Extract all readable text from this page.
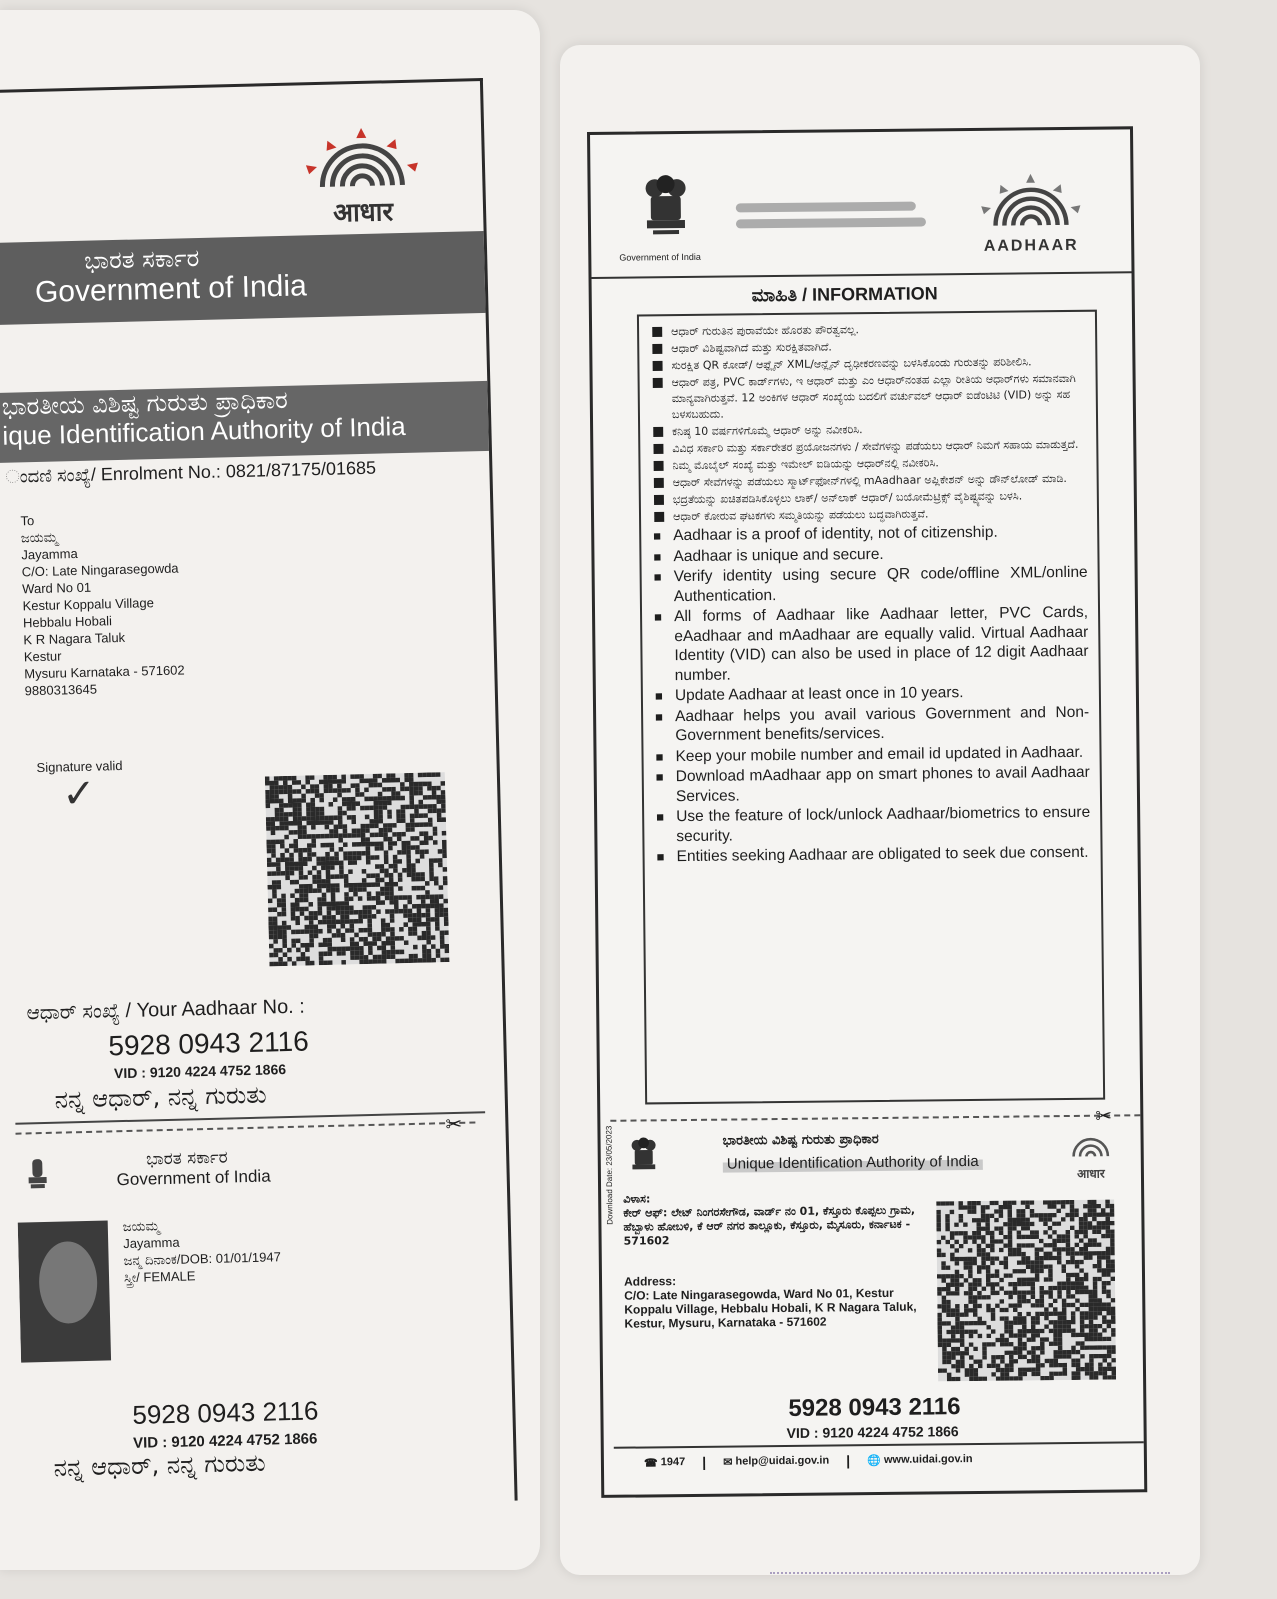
आधार
ಭಾರತ ಸರ್ಕಾರ
Government of India
ಭಾರತೀಯ ವಿಶಿಷ್ಟ ಗುರುತು ಪ್ರಾಧಿಕಾರ
ique Identification Authority of India
ಂದಣಿ ಸಂಖ್ಯೆ/ Enrolment No.: 0821/87175/01685
To
ಜಯಮ್ಮ
Jayamma
C/O: Late Ningarasegowda
Ward No 01
Kestur Koppalu Village
Hebbalu Hobali
K R Nagara Taluk
Kestur
Mysuru Karnataka - 571602
9880313645
Signature valid
✓
ಆಧಾರ್ ಸಂಖ್ಯೆ / Your Aadhaar No. :
5928 0943 2116
VID : 9120 4224 4752 1866
ನನ್ನ ಆಧಾರ್, ನನ್ನ ಗುರುತು
✂
ಭಾರತ ಸರ್ಕಾರ
Government of India
ಜಯಮ್ಮ
Jayamma
ಜನ್ಮ ದಿನಾಂಕ/DOB: 01/01/1947
ಸ್ತ್ರೀ/ FEMALE
5928 0943 2116
VID : 9120 4224 4752 1866
ನನ್ನ ಆಧಾರ್, ನನ್ನ ಗುರುತು
Government of India
AADHAAR
ಮಾಹಿತಿ / INFORMATION
■ ಆಧಾರ್ ಗುರುತಿನ ಪುರಾವೆಯೇ ಹೊರತು ಪೌರತ್ವವಲ್ಲ.
■ ಆಧಾರ್ ವಿಶಿಷ್ಟವಾಗಿದೆ ಮತ್ತು ಸುರಕ್ಷಿತವಾಗಿದೆ.
■ ಸುರಕ್ಷಿತ QR ಕೋಡ್/ ಆಫ್ಲೈನ್ XML/ಆನ್ಲೈನ್ ದೃಢೀಕರಣವನ್ನು ಬಳಸಿಕೊಂಡು ಗುರುತನ್ನು ಪರಿಶೀಲಿಸಿ.
■ ಆಧಾರ್ ಪತ್ರ, PVC ಕಾರ್ಡ್‌ಗಳು, ಇ ಆಧಾರ್ ಮತ್ತು ಎಂ ಆಧಾರ್‌ನಂತಹ ಎಲ್ಲಾ ರೀತಿಯ ಆಧಾರ್‌ಗಳು ಸಮಾನವಾಗಿ ಮಾನ್ಯವಾಗಿರುತ್ತವೆ. 12 ಅಂಕಿಗಳ ಆಧಾರ್ ಸಂಖ್ಯೆಯ ಬದಲಿಗೆ ವರ್ಚುವಲ್ ಆಧಾರ್ ಐಡೆಂಟಿಟಿ (VID) ಅನ್ನು ಸಹ ಬಳಸಬಹುದು.
■ ಕನಿಷ್ಠ 10 ವರ್ಷಗಳಿಗೊಮ್ಮೆ ಆಧಾರ್ ಅನ್ನು ನವೀಕರಿಸಿ.
■ ವಿವಿಧ ಸರ್ಕಾರಿ ಮತ್ತು ಸರ್ಕಾರೇತರ ಪ್ರಯೋಜನಗಳು / ಸೇವೆಗಳನ್ನು ಪಡೆಯಲು ಆಧಾರ್ ನಿಮಗೆ ಸಹಾಯ ಮಾಡುತ್ತದೆ.
■ ನಿಮ್ಮ ಮೊಬೈಲ್ ಸಂಖ್ಯೆ ಮತ್ತು ಇಮೇಲ್ ಐಡಿಯನ್ನು ಆಧಾರ್‌ನಲ್ಲಿ ನವೀಕರಿಸಿ.
■ ಆಧಾರ್ ಸೇವೆಗಳನ್ನು ಪಡೆಯಲು ಸ್ಮಾರ್ಟ್‌ಫೋನ್‌ಗಳಲ್ಲಿ mAadhaar ಅಪ್ಲಿಕೇಶನ್ ಅನ್ನು ಡೌನ್‌ಲೋಡ್ ಮಾಡಿ.
■ ಭದ್ರತೆಯನ್ನು ಖಚಿತಪಡಿಸಿಕೊಳ್ಳಲು ಲಾಕ್/ ಅನ್‌ಲಾಕ್ ಆಧಾರ್/ ಬಯೋಮೆಟ್ರಿಕ್ಸ್ ವೈಶಿಷ್ಟ್ಯವನ್ನು ಬಳಸಿ.
■ ಆಧಾರ್ ಕೋರುವ ಘಟಕಗಳು ಸಮ್ಮತಿಯನ್ನು ಪಡೆಯಲು ಬದ್ಧವಾಗಿರುತ್ತವೆ.
■ Aadhaar is a proof of identity, not of citizenship.
■ Aadhaar is unique and secure.
■ Verify identity using secure QR code/offline XML/online Authentication.
■ All forms of Aadhaar like Aadhaar letter, PVC Cards, eAadhaar and mAadhaar are equally valid. Virtual Aadhaar Identity (VID) can also be used in place of 12 digit Aadhaar number.
■ Update Aadhaar at least once in 10 years.
■ Aadhaar helps you avail various Government and Non- Government benefits/services.
■ Keep your mobile number and email id updated in Aadhaar.
■ Download mAadhaar app on smart phones to avail Aadhaar Services.
■ Use the feature of lock/unlock Aadhaar/biometrics to ensure security.
■ Entities seeking Aadhaar are obligated to seek due consent.
✂
ಭಾರತೀಯ ವಿಶಿಷ್ಟ ಗುರುತು ಪ್ರಾಧಿಕಾರ
Unique Identification Authority of India
आधार
Download Date: 23/05/2023 ವಿಳಾಸ:
ಕೇರ್ ಆಫ್: ಲೇಟ್ ನಿಂಗರಸೇಗೌಡ, ವಾರ್ಡ್ ನಂ 01, ಕೆಸ್ತೂರು ಕೊಪ್ಪಲು ಗ್ರಾಮ, ಹೆಬ್ಬಾಳು ಹೋಬಳಿ, ಕೆ ಆರ್ ನಗರ ತಾಲ್ಲೂಕು, ಕೆಸ್ತೂರು, ಮೈಸೂರು, ಕರ್ನಾಟಕ - 571602
Address:
C/O: Late Ningarasegowda, Ward No 01, Kestur Koppalu Village, Hebbalu Hobali, K R Nagara Taluk, Kestur, Mysuru, Karnataka - 571602
5928 0943 2116
VID : 9120 4224 4752 1866
☎ 1947 | ✉ help@uidai.gov.in | 🌐 www.uidai.gov.in
